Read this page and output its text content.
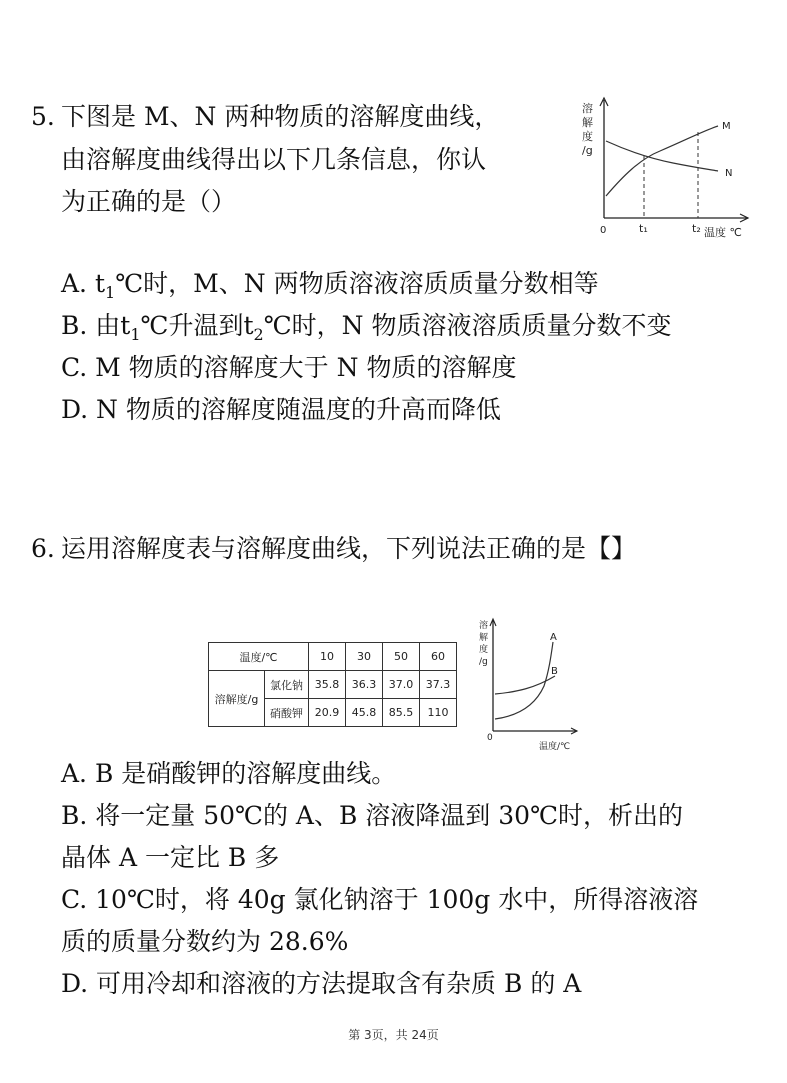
5. 下图是 M、N 两种物质的溶解度曲线，
由溶解度曲线得出以下几条信息，你认
为正确的是（）
溶
解
度
/g
M
N
0	t₁	t₂ 温度 ℃
A. $t_1℃$时，M、N 两物质溶液溶质质量分数相等
B. 由$t_1℃$升温到$t_2℃$时，N 物质溶液溶质质量分数不变
C. M 物质的溶解度大于 N 物质的溶解度
D. N 物质的溶解度随温度的升高而降低
6. 运用溶解度表与溶解度曲线，下列说法正确的是【】
温度/℃		10	30	50	60
溶解度/g	氯化钠	35.8	36.3	37.0	37.3
	硝酸钾	20.9	45.8	85.5	110
溶
解
度
/g
A
B
0
温度/℃
A. B 是硝酸钾的溶解度曲线。
B. 将一定量 50℃的 A、B 溶液降温到 30℃时，析出的
晶体 A 一定比 B 多
C. 10℃时，将 40g 氯化钠溶于 100g 水中，所得溶液溶
质的质量分数约为 28.6%
D. 可用冷却和溶液的方法提取含有杂质 B 的 A
第 3页，共 24页
